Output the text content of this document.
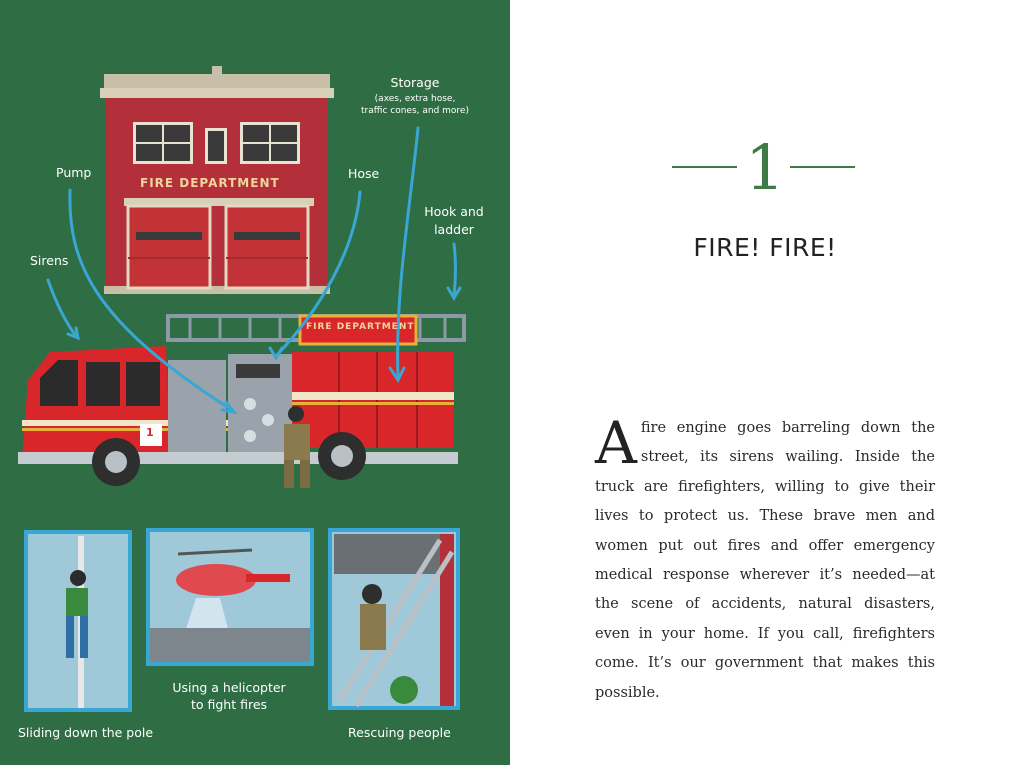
FIRE DEPARTMENT
FIRE DEPARTMENT
1
Storage
(axes, extra hose,
traffic cones, and more)
Pump	Hose
Hook and
ladder
Sirens
Sliding down the pole
Using a helicopter
to fight fires
Rescuing people
1
FIRE! FIRE!

Afire engine goes barreling down the street, its sirens wailing. Inside the truck are firefighters, willing to give their lives to protect us. These brave men and women put out fires and offer emergency medical response wherever it’s needed—at the scene of accidents, natural disasters, even in your home. If you call, firefighters come. It’s our government that makes this possible.
